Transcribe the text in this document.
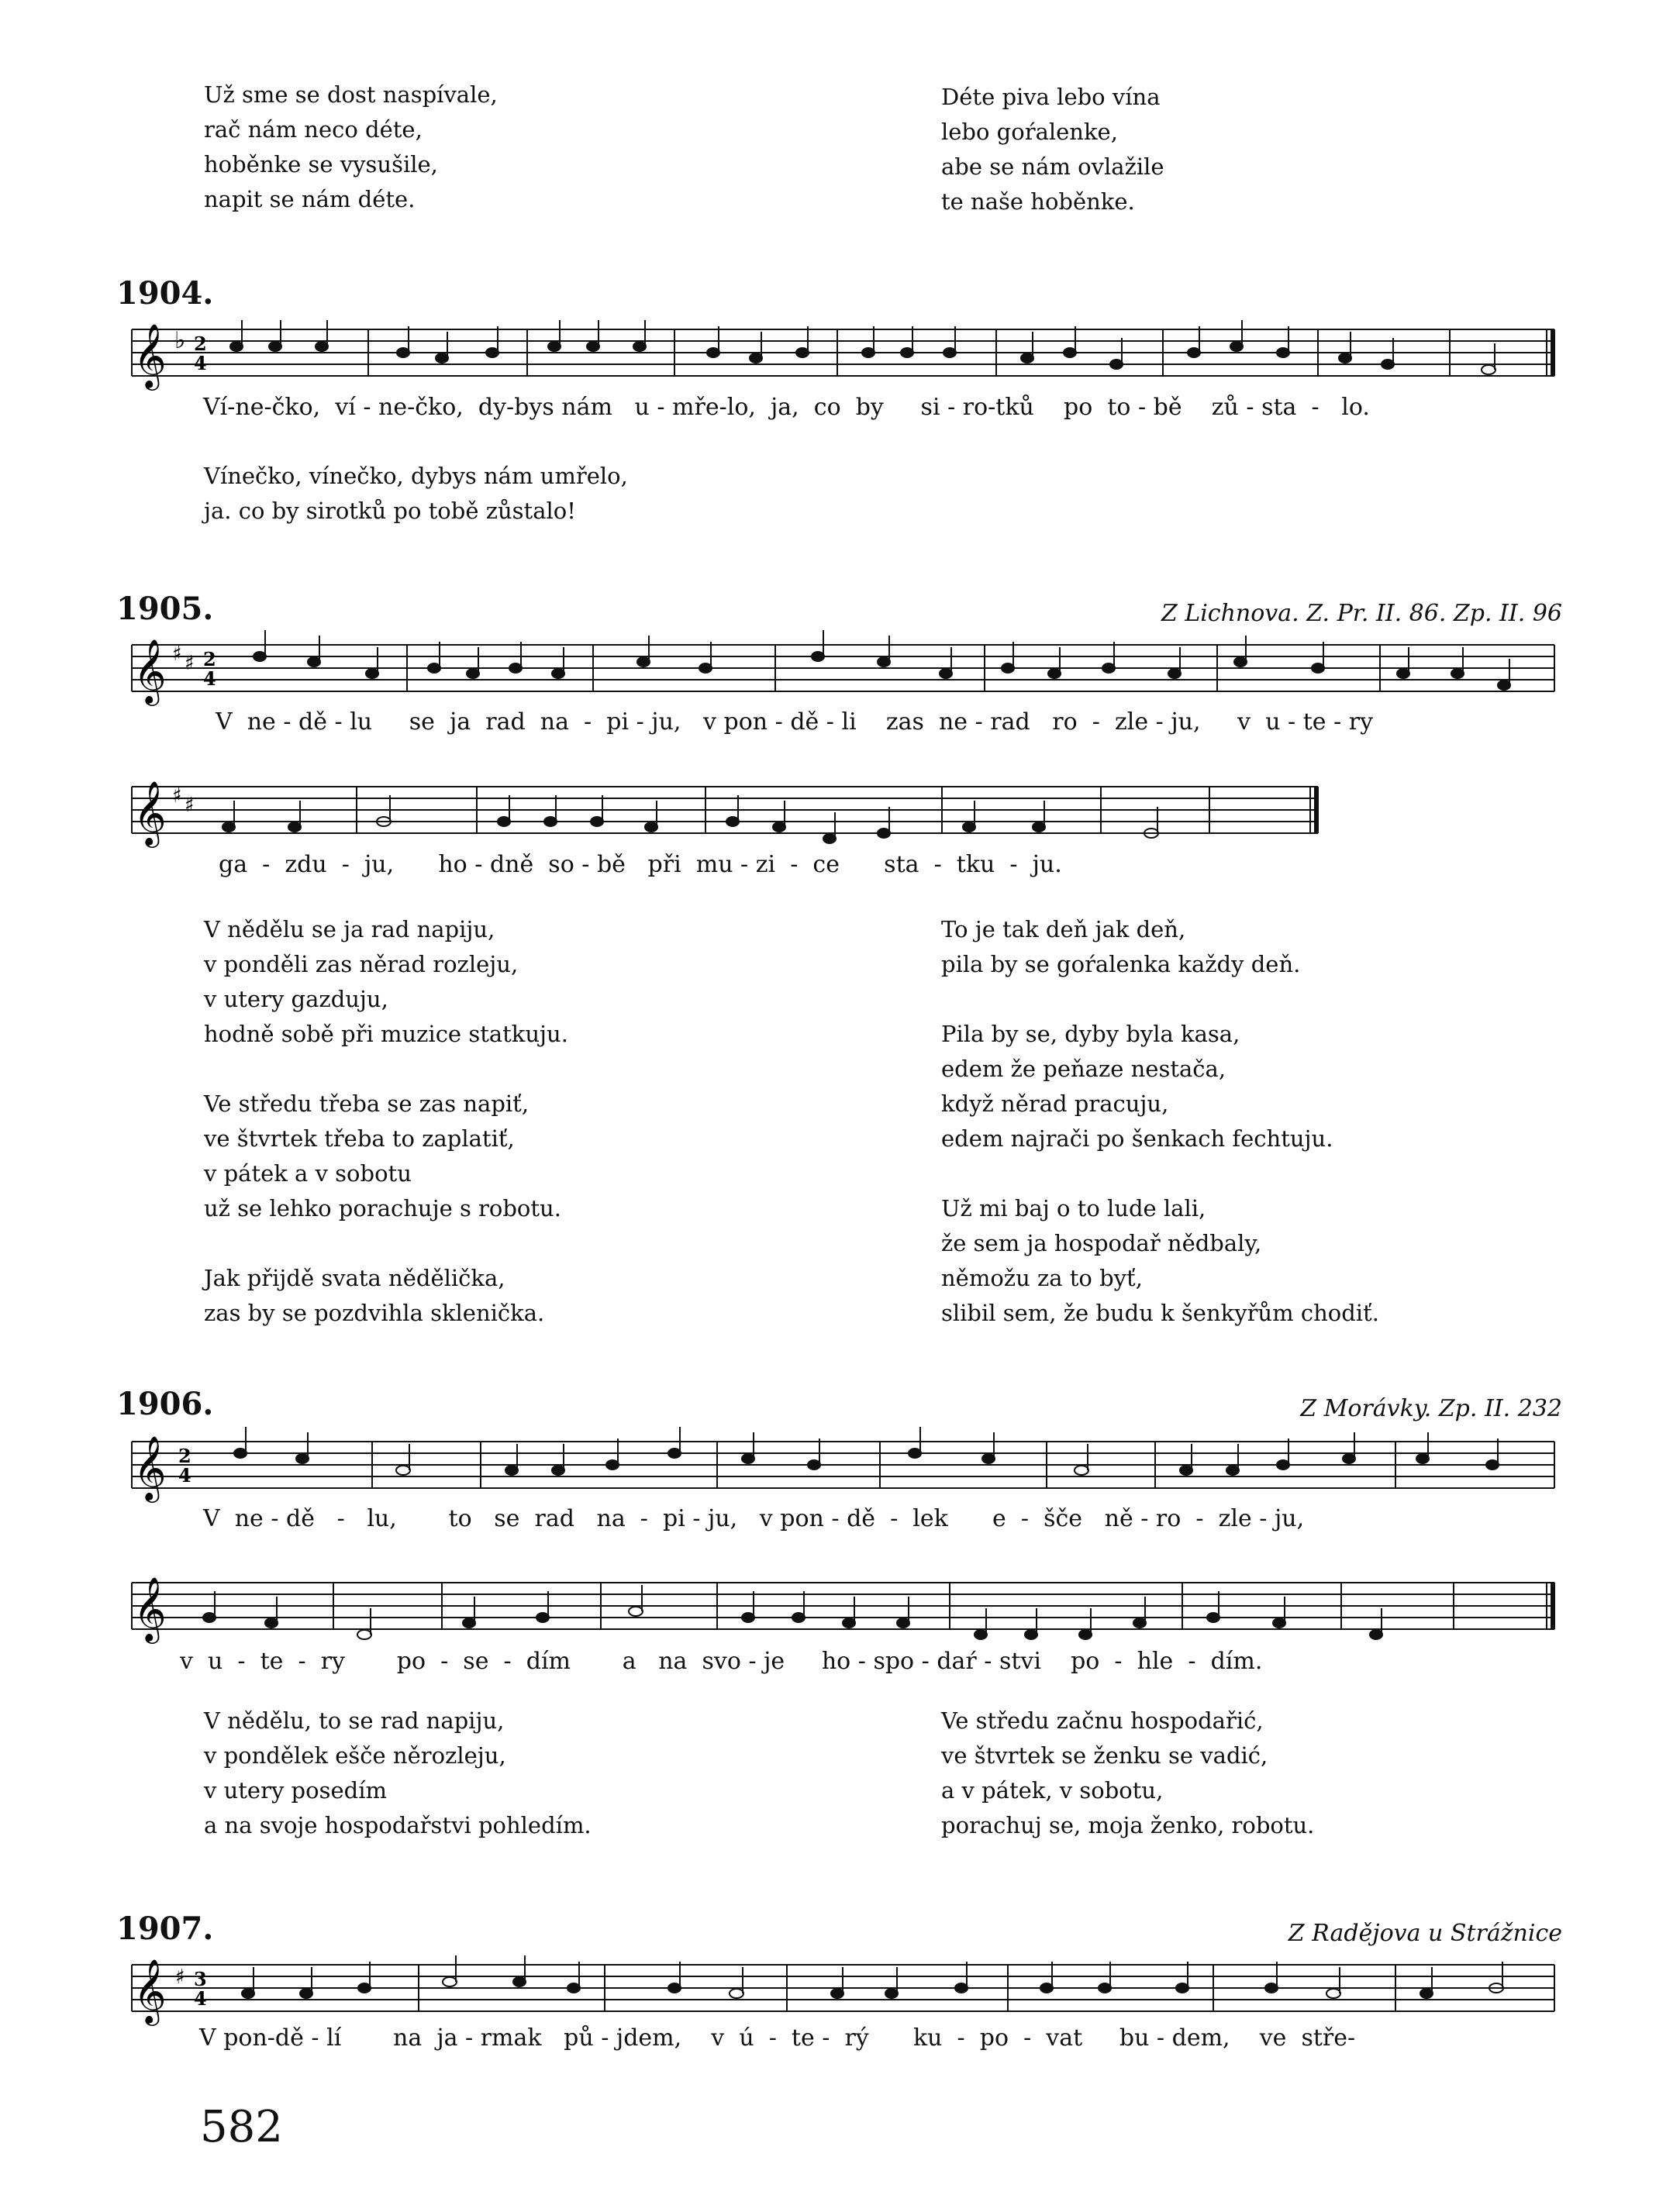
Už sme se dost naspívale,
rač nám neco déte,
hoběnke se vysušile,
napit se nám déte.
Déte piva lebo vína
lebo goŕalenke,
abe se nám ovlažile
te naše hoběnke.
1904.
𝄞 ♭ 2
4
Ví-ne-čko,  ví - ne-čko,  dy-bys nám   u - mře-lo,  ja,  co  by     si - ro-tků    po  to - bě    zů - sta  -   lo.
Vínečko, vínečko, dybys nám umřelo,
ja. co by sirotků po tobě zůstalo!
1905.	Z Lichnova. Z. Pr. II. 86. Zp. II. 96
𝄞 ♯ ♯ 2
4
V  ne - dě - lu     se  ja  rad  na  -  pi - ju,   v pon - dě - li    zas  ne - rad   ro  -  zle - ju,     v  u - te - ry
𝄞 ♯ ♯
ga  -  zdu  -  ju,      ho - dně  so - bě   při  mu - zi  -  ce      sta  -  tku  -  ju.
V nědělu se ja rad napiju,
v ponděli zas něrad rozleju,
v utery gazduju,
hodně sobě při muzice statkuju.

Ve středu třeba se zas napiť,
ve štvrtek třeba to zaplatiť,
v pátek a v sobotu
už se lehko porachuje s robotu.

Jak přijdě svata nědělička,
zas by se pozdvihla sklenička.
To je tak deň jak deň,
pila by se goŕalenka každy deň.

Pila by se, dyby byla kasa,
edem že peňaze nestača,
když něrad pracuju,
edem najrači po šenkach fechtuju.

Už mi baj o to lude lali,
že sem ja hospodař nědbaly,
němožu za to byť,
slibil sem, že budu k šenkyřům chodiť.
1906.	Z Morávky. Zp. II. 232
𝄞 2
4
V  ne - dě   -   lu,       to   se  rad   na  -  pi - ju,   v pon - dě  -  lek      e  -  šče   ně - ro  -  zle - ju,
𝄞
v  u  -  te  -  ry       po  -  se  -  dím       a   na  svo - je     ho - spo - daŕ - stvi    po  -  hle  -  dím.
V nědělu, to se rad napiju,
v pondělek ešče něrozleju,
v utery posedím
a na svoje hospodařstvi pohledím.
Ve středu začnu hospodařić,
ve štvrtek se ženku se vadić,
a v pátek, v sobotu,
porachuj se, moja ženko, robotu.
1907.	Z Radějova u Strážnice
𝄞 ♯ 3
4
V pon-dě - lí       na  ja - rmak   pů - jdem,    v  ú  -  te -  rý      ku  -  po  -  vat     bu - dem,    ve  stře-
582
